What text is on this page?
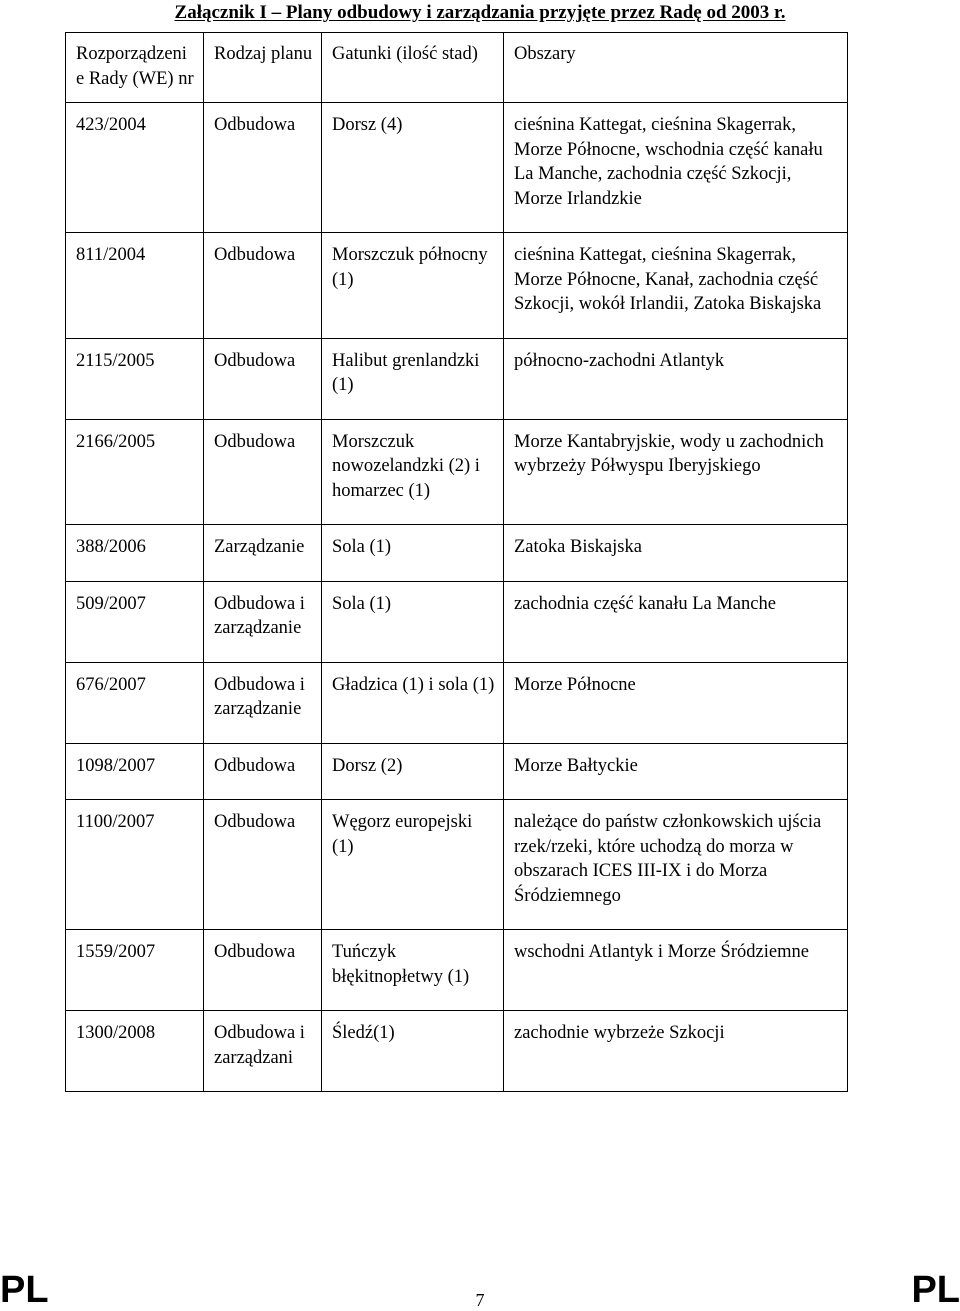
Załącznik I – Plany odbudowy i zarządzania przyjęte przez Radę od 2003 r.
Rozporządzenie Rady (WE) nr	Rodzaj planu	Gatunki (ilość stad)	Obszary
423/2004	Odbudowa	Dorsz (4)	cieśnina Kattegat, cieśnina Skagerrak, Morze Północne, wschodnia część kanału La Manche, zachodnia część Szkocji, Morze Irlandzkie
811/2004	Odbudowa	Morszczuk północny (1)	cieśnina Kattegat, cieśnina Skagerrak, Morze Północne, Kanał, zachodnia część Szkocji, wokół Irlandii, Zatoka Biskajska
2115/2005	Odbudowa	Halibut grenlandzki (1)	północno-zachodni Atlantyk
2166/2005	Odbudowa	Morszczuk nowozelandzki (2) i homarzec (1)	Morze Kantabryjskie, wody u zachodnich wybrzeży Półwyspu Iberyjskiego
388/2006	Zarządzanie	Sola (1)	Zatoka Biskajska
509/2007	Odbudowa i zarządzanie	Sola (1)	zachodnia część kanału La Manche
676/2007	Odbudowa i zarządzanie	Gładzica (1) i sola (1)	Morze Północne
1098/2007	Odbudowa	Dorsz (2)	Morze Bałtyckie
1100/2007	Odbudowa	Węgorz europejski (1)	należące do państw członkowskich ujścia rzek/rzeki, które uchodzą do morza w obszarach ICES III-IX i do Morza Śródziemnego
1559/2007	Odbudowa	Tuńczyk błękitnopłetwy (1)	wschodni Atlantyk i Morze Śródziemne
1300/2008	Odbudowa i zarządzani	Śledź(1)	zachodnie wybrzeże Szkocji
PL	7	PL
